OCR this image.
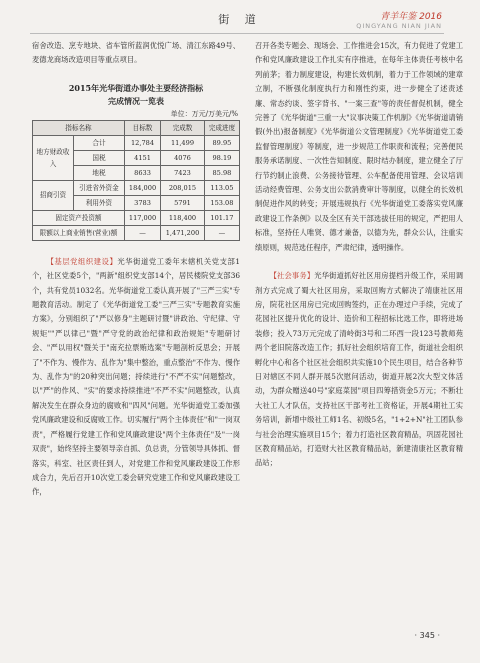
街 道	青羊年鉴 2016
QINGYANG NIAN JIAN

宿舍改造、烹专地块、省车管所蓝润优悦广场、清江东路49号、麦德龙商场改造项目等重点项目。

2015年光华街道办事处主要经济指标
完成情况一览表
单位：万元/万美元/%
指标名称		目标数	完成数	完成进度
地方财政收入	合计	12,784	11,499	89.95
	国税	4151	4076	98.19
	地税	8633	7423	85.98
招商引资	引进省外资金	184,000	208,015	113.05
	利用外资	3783	5791	153.08
固定资产投资额		117,000	118,400	101.17
限额以上商业销售(营业)额		—	1,471,200	—

【基层党组织建设】光华街道党工委年末辖机关党支部1个，社区党委5个，"两新"组织党支部14个，居民楼院党支部36个，共有党员1032名。光华街道党工委认真开展了"三严三实"专题教育活动。制定了《光华街道党工委"三严三实"专题教育实施方案》，分别组织了"严以修身"主题研讨暨"讲政治、守纪律、守规矩""严以律己"暨"严守党的政治纪律和政治规矩"专题研讨会、"严以用权"暨关于"南充拉票贿选案"专题剖析反思会；开展了"不作为、慢作为、乱作为"集中整治，重点整治"不作为、慢作为、乱作为"的20种突出问题；持续进行"不严不实"问题整改，以"严"的作风、"实"的要求持续推进"不严不实"问题整改，认真解决发生在群众身边的腐败和"四风"问题。光华街道党工委加强党风廉政建设和反腐败工作。切实履行"两个主体责任"和"一岗双责"，严格履行党建工作和党风廉政建设"两个主体责任"及"一岗双责"，始终坚持主要领导亲自抓、负总责，分管领导具体抓、督落实，科室、社区责任到人，对党建工作和党风廉政建设工作形成合力，先后召开10次党工委会研究党建工作和党风廉政建设工作，

召开各类专题会、现场会、工作推进会15次，有力促进了党建工作和党风廉政建设工作扎实有序推进，在每年主体责任考核中名列前茅；着力制度建设，构建长效机制，着力于工作领域的建章立制，不断强化制度执行力和刚性约束，进一步健全了述责述廉、常态约谈、签字背书、"一案三查"等的责任督促机制，健全完善了《光华街道"三重一大"议事决策工作机制》《光华街道请销假(外出)报备制度》《光华街道公文管理制度》《光华街道党工委监督管理制度》等制度，进一步规范工作职责和流程；完善便民服务承诺制度、一次性告知制度、限时结办制度，建立健全了厅行节约制止浪费、公务接待管理、公车配备使用管理、会议培训活动经费管理、公务支出公款消费审计等制度，以健全的长效机制促进作风的转变；开展违规执行《光华街道党工委落实党风廉政建设工作条例》以及全区有关干部选拔任用的规定，严把用人标准，坚持任人唯贤、德才兼备，以德为先，群众公认，注重实绩原则，规范选任程序，严肃纪律，透明操作。

【社会事务】光华街道抓好社区用房提档升级工作，采用调剂方式完成了蜀大社区用房，采取回购方式解决了靖康社区用房，院花社区用房已完成回购签约，正在办理过户手续，完成了花园社区提升优化的设计、造价和工程招标比选工作，即将进场装修；投入73万元完成了清岭街3号和二环西一段123号教师苑两个老旧院落改造工作；抓好社会组织培育工作，街道社会组织孵化中心和各个社区社会组织共实施10个民生项目，结合各种节日对辖区不同人群开展5次慰问活动，街道开展2次大型文体活动，为群众赠送40号"家庭菜园"项目四筹措资金5万元；不断壮大社工人才队伍，支持社区干部考社工资格证，开展4期社工实务培训，新增中级社工师1名、初级5名，"1+2+N"社工团队参与社会治理实施项目15个；着力打造社区教育精品，巩固花园社区教育精品站，打造财大社区教育精品站，新建清康社区教育精品站；

· 345 ·
